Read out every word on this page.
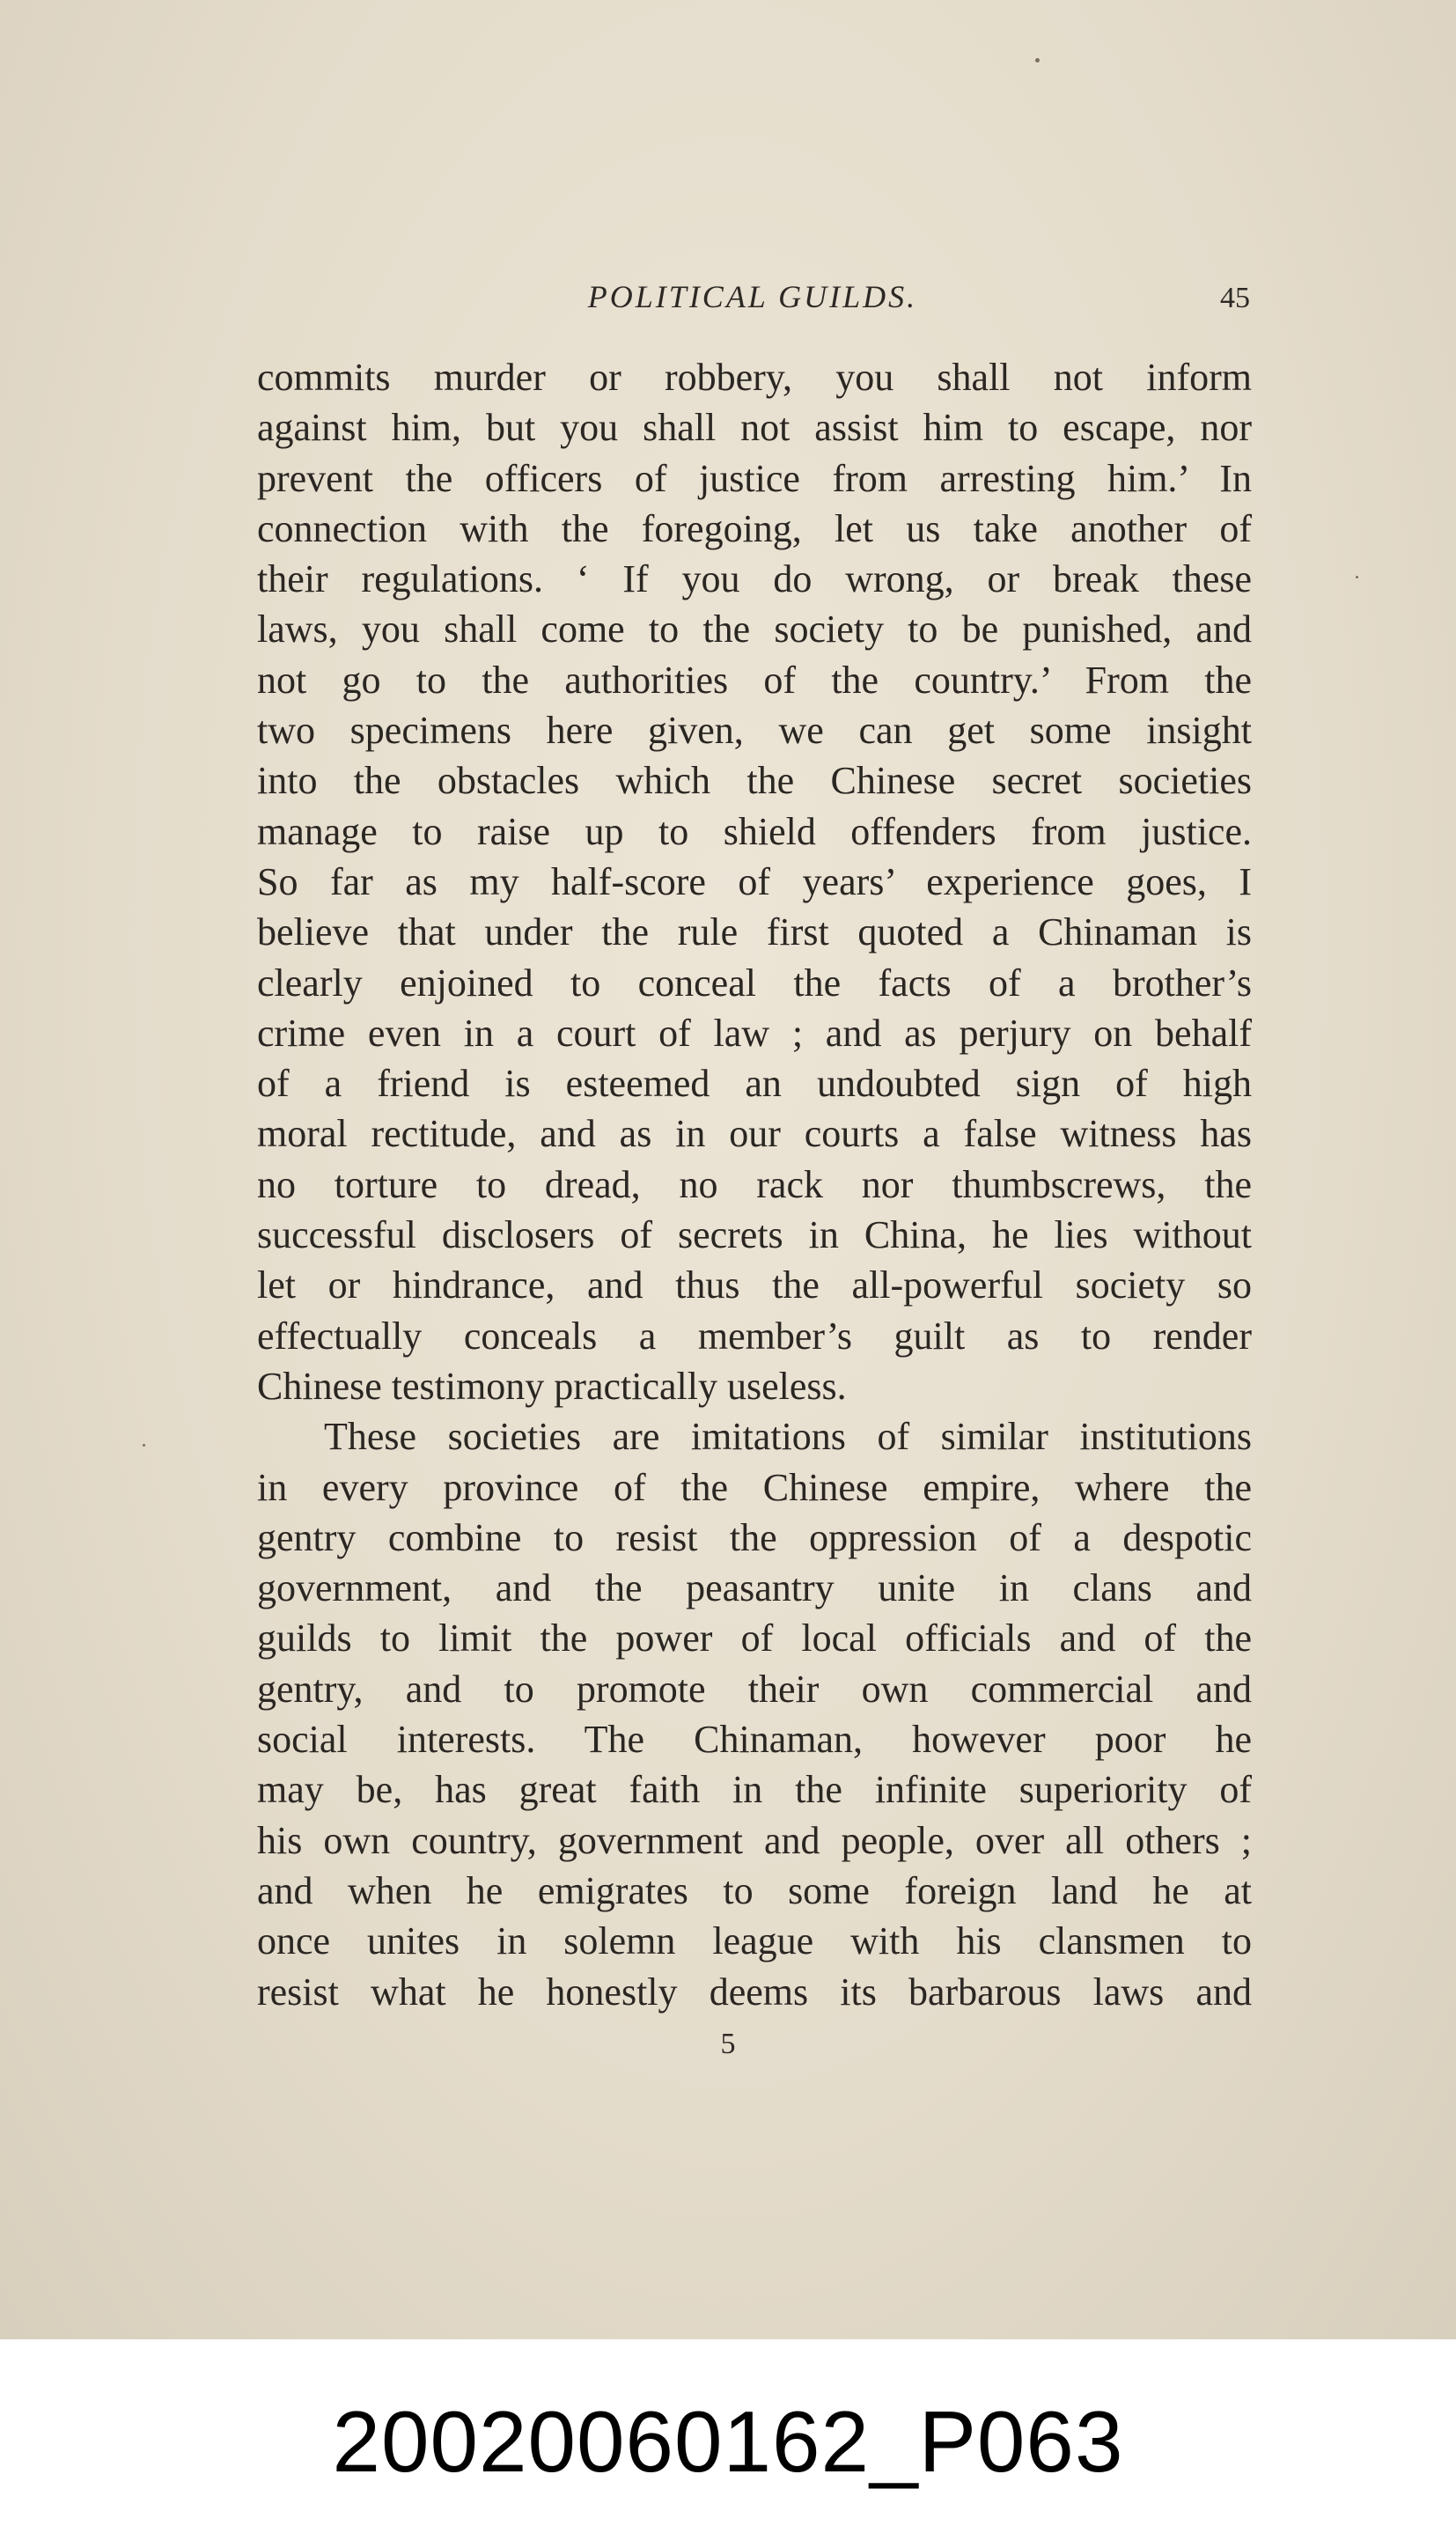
POLITICAL GUILDS.	45

commits murder or robbery, you shall not inform
against him, but you shall not assist him to escape, nor
prevent the officers of justice from arresting him.’ In
connection with the foregoing, let us take another of
their regulations. ‘ If you do wrong, or break these
laws, you shall come to the society to be punished, and
not go to the authorities of the country.’ From the
two specimens here given, we can get some insight
into the obstacles which the Chinese secret societies
manage to raise up to shield offenders from justice.
So far as my half-score of years’ experience goes, I
believe that under the rule first quoted a Chinaman is
clearly enjoined to conceal the facts of a brother’s
crime even in a court of law ; and as perjury on behalf
of a friend is esteemed an undoubted sign of high
moral rectitude, and as in our courts a false witness has
no torture to dread, no rack nor thumbscrews, the
successful disclosers of secrets in China, he lies without
let or hindrance, and thus the all-powerful society so
effectually conceals a member’s guilt as to render
Chinese testimony practically useless.

These societies are imitations of similar institutions
in every province of the Chinese empire, where the
gentry combine to resist the oppression of a despotic
government, and the peasantry unite in clans and
guilds to limit the power of local officials and of the
gentry, and to promote their own commercial and
social interests. The Chinaman, however poor he
may be, has great faith in the infinite superiority of
his own country, government and people, over all others ;
and when he emigrates to some foreign land he at
once unites in solemn league with his clansmen to
resist what he honestly deems its barbarous laws and

5
20020060162_P063
